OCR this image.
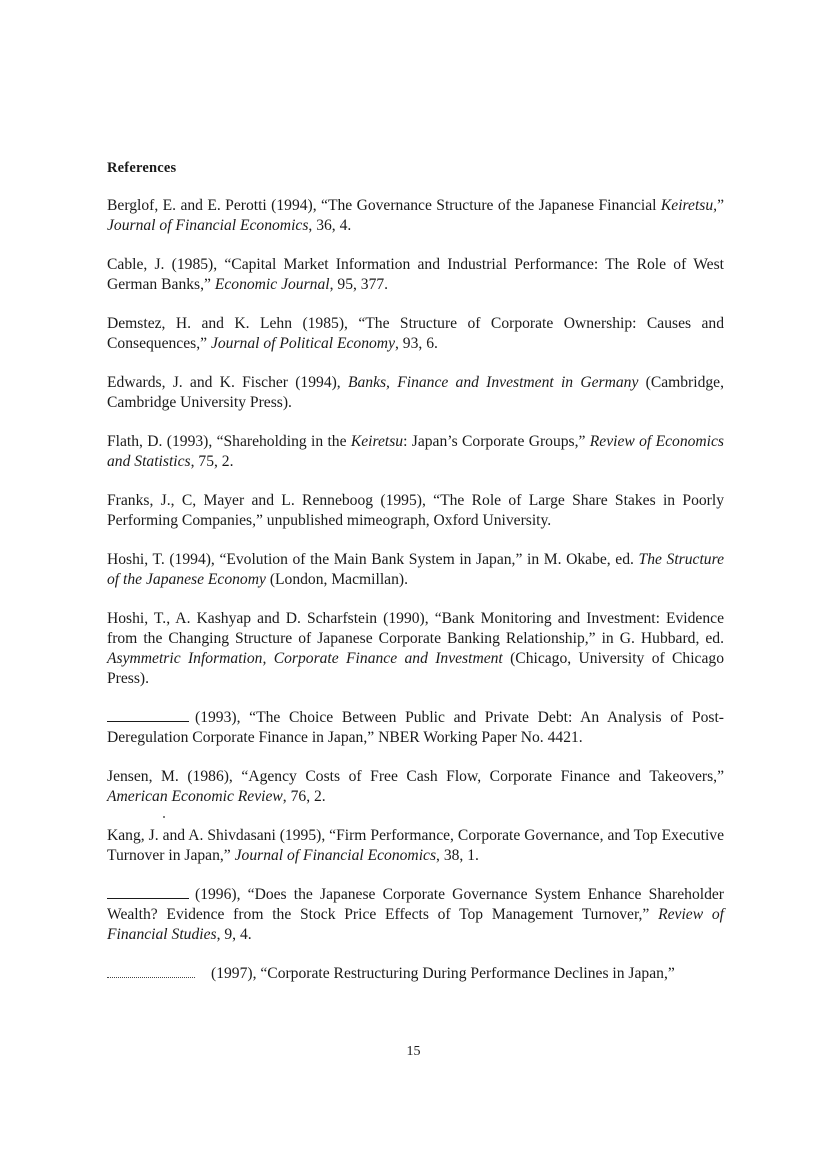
References

Berglof, E. and E. Perotti (1994), “The Governance Structure of the Japanese Financial Keiretsu,” Journal of Financial Economics, 36, 4.

Cable, J. (1985), “Capital Market Information and Industrial Performance: The Role of West German Banks,” Economic Journal, 95, 377.

Demstez, H. and K. Lehn (1985), “The Structure of Corporate Ownership: Causes and Consequences,” Journal of Political Economy, 93, 6.

Edwards, J. and K. Fischer (1994), Banks, Finance and Investment in Germany (Cambridge, Cambridge University Press).

Flath, D. (1993), “Shareholding in the Keiretsu: Japan’s Corporate Groups,” Review of Economics and Statistics, 75, 2.

Franks, J., C, Mayer and L. Renneboog (1995), “The Role of Large Share Stakes in Poorly Performing Companies,” unpublished mimeograph, Oxford University.

Hoshi, T. (1994), “Evolution of the Main Bank System in Japan,” in M. Okabe, ed. The Structure of the Japanese Economy (London, Macmillan).

Hoshi, T., A. Kashyap and D. Scharfstein (1990), “Bank Monitoring and Investment: Evidence from the Changing Structure of Japanese Corporate Banking Relationship,” in G. Hubbard, ed. Asymmetric Information, Corporate Finance and Investment (Chicago, University of Chicago Press).

(1993), “The Choice Between Public and Private Debt: An Analysis of Post-Deregulation Corporate Finance in Japan,” NBER Working Paper No. 4421.

Jensen, M. (1986), “Agency Costs of Free Cash Flow, Corporate Finance and Takeovers,” American Economic Review, 76, 2.

Kang, J. and A. Shivdasani (1995), “Firm Performance, Corporate Governance, and Top Executive Turnover in Japan,” Journal of Financial Economics, 38, 1.

(1996), “Does the Japanese Corporate Governance System Enhance Shareholder Wealth? Evidence from the Stock Price Effects of Top Management Turnover,” Review of Financial Studies, 9, 4.

(1997), “Corporate Restructuring During Performance Declines in Japan,”

15
